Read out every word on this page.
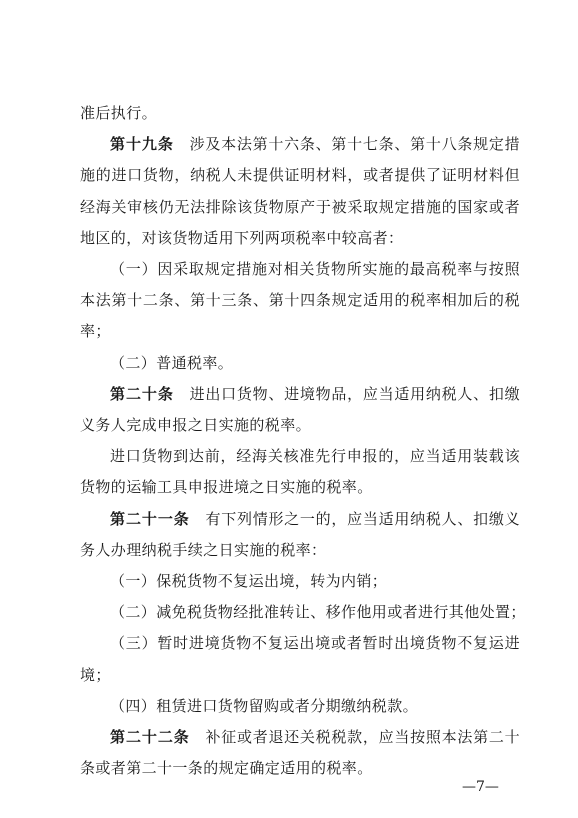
—7—
准后执行。
第十九条　 涉及本法第十六条、第十七条、第十八条规定措
施的进口货物，纳税人未提供证明材料，或者提供了证明材料但
经海关审核仍无法排除该货物原产于被采取规定措施的国家或者
地区的，对该货物适用下列两项税率中较高者：
（一）因采取规定措施对相关货物所实施的最高税率与按照
本法第十二条、第十三条、第十四条规定适用的税率相加后的税
率；
（二）普通税率。
第二十条　 进出口货物、进境物品，应当适用纳税人、扣缴
义务人完成申报之日实施的税率。
进口货物到达前，经海关核准先行申报的，应当适用装载该
货物的运输工具申报进境之日实施的税率。
第二十一条　 有下列情形之一的，应当适用纳税人、扣缴义
务人办理纳税手续之日实施的税率：
（一）保税货物不复运出境，转为内销；
（二）减免税货物经批准转让、移作他用或者进行其他处置；
（三）暂时进境货物不复运出境或者暂时出境货物不复运进
境；
（四）租赁进口货物留购或者分期缴纳税款。
第二十二条　 补征或者退还关税税款，应当按照本法第二十
条或者第二十一条的规定确定适用的税率。
